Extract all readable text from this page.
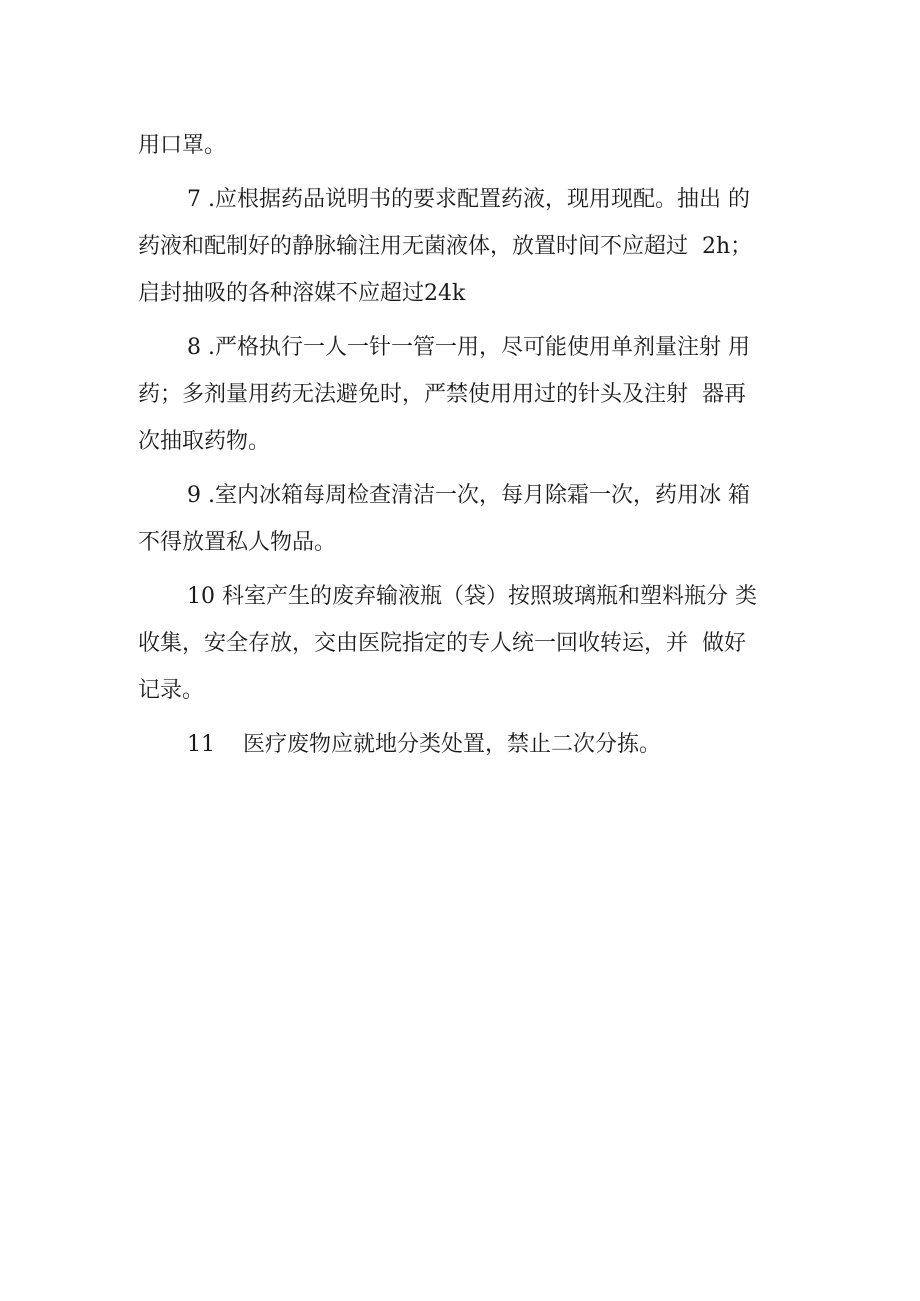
用口罩。
7 .应根据药品说明书的要求配置药液，现用现配。抽出 的
药液和配制好的静脉输注用无菌液体，放置时间不应超过  2h；
启封抽吸的各种溶媒不应超过24k
8 .严格执行一人一针一管一用，尽可能使用单剂量注射 用
药；多剂量用药无法避免时，严禁使用用过的针头及注射  器再
次抽取药物。
9 .室内冰箱每周检查清洁一次，每月除霜一次，药用冰 箱
不得放置私人物品。
10 科室产生的废弃输液瓶（袋）按照玻璃瓶和塑料瓶分 类
收集，安全存放，交由医院指定的专人统一回收转运，并  做好
记录。
11    医疗废物应就地分类处置，禁止二次分拣。
